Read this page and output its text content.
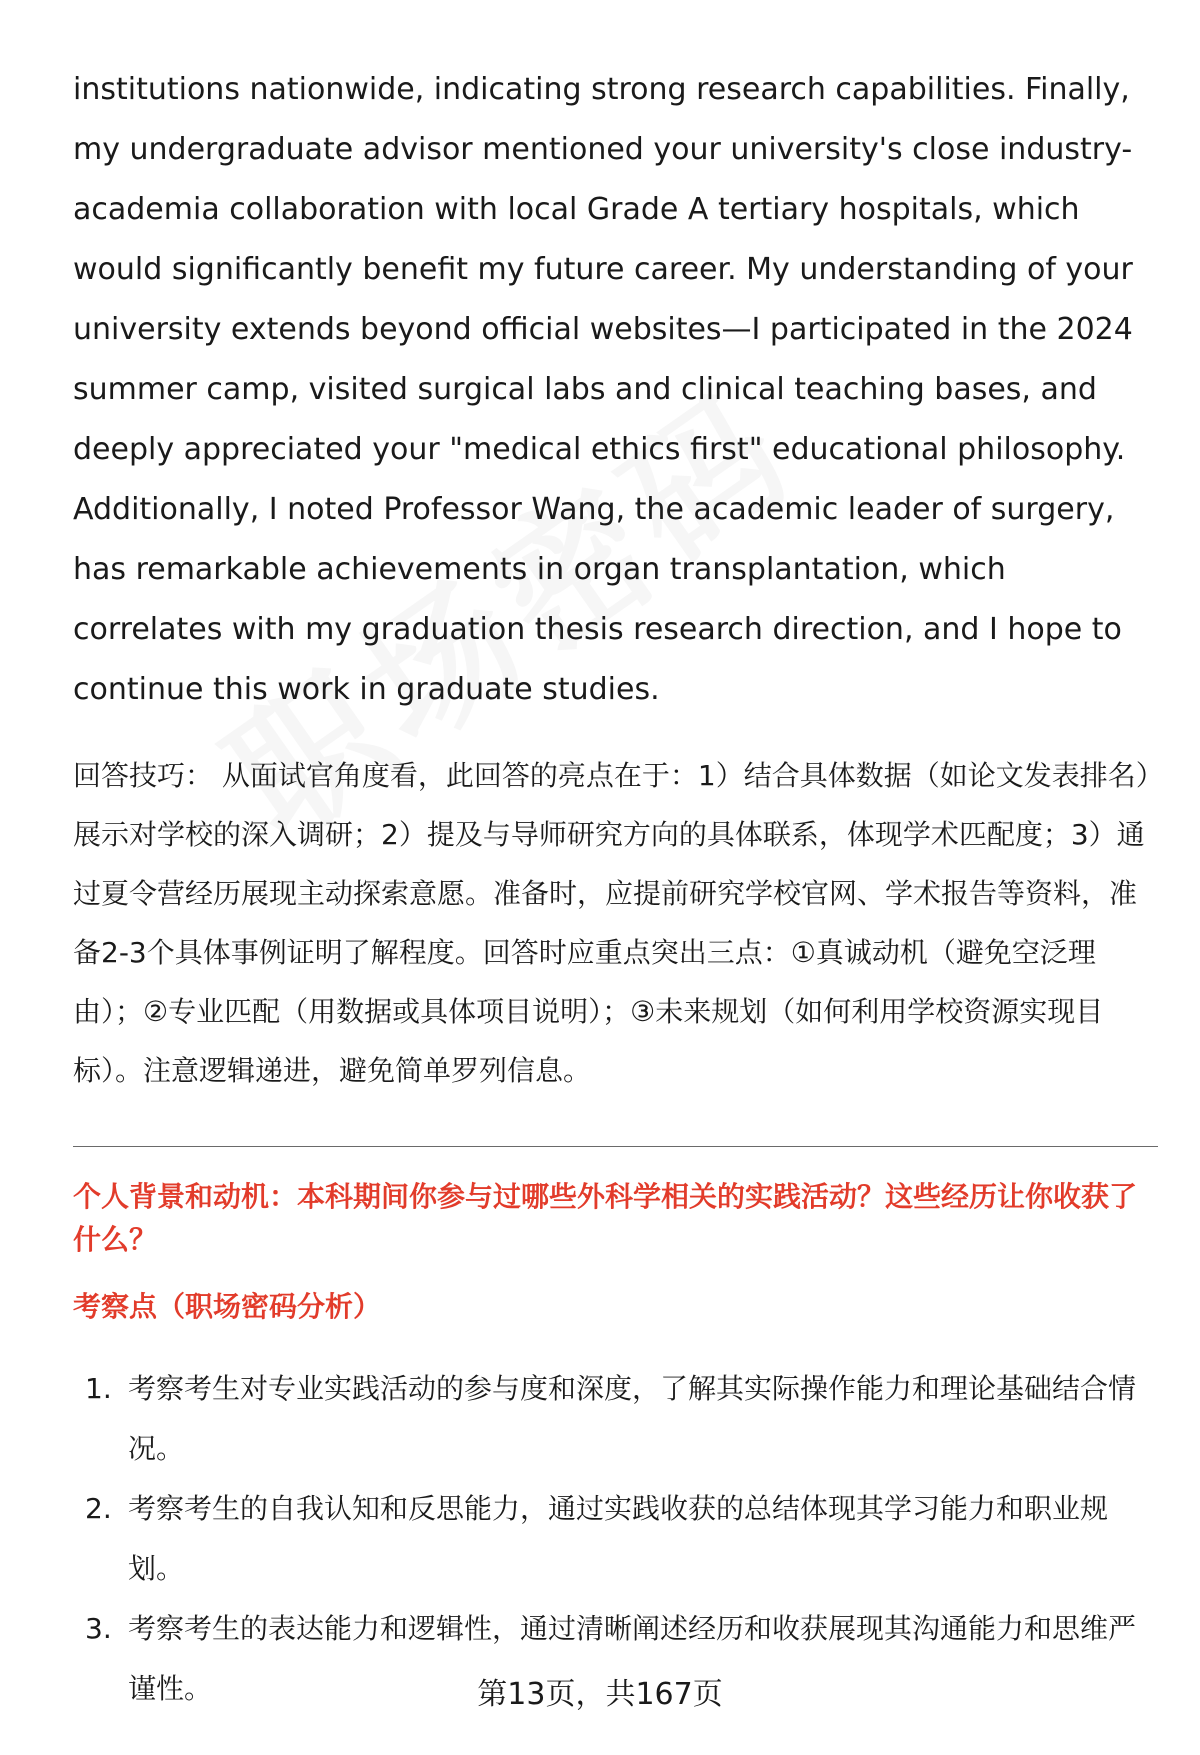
institutions nationwide, indicating strong research capabilities. Finally, my undergraduate advisor mentioned your university's close industry-academia collaboration with local Grade A tertiary hospitals, which would significantly benefit my future career. My understanding of your university extends beyond official websites—I participated in the 2024 summer camp, visited surgical labs and clinical teaching bases, and deeply appreciated your "medical ethics first" educational philosophy. Additionally, I noted Professor Wang, the academic leader of surgery, has remarkable achievements in organ transplantation, which correlates with my graduation thesis research direction, and I hope to continue this work in graduate studies.

回答技巧： 从面试官角度看，此回答的亮点在于：1）结合具体数据（如论文发表排名）展示对学校的深入调研；2）提及与导师研究方向的具体联系，体现学术匹配度；3）通过夏令营经历展现主动探索意愿。准备时，应提前研究学校官网、学术报告等资料，准备2-3个具体事例证明了解程度。回答时应重点突出三点：①真诚动机（避免空泛理由）；②专业匹配（用数据或具体项目说明）；③未来规划（如何利用学校资源实现目标）。注意逻辑递进，避免简单罗列信息。

个人背景和动机：本科期间你参与过哪些外科学相关的实践活动？这些经历让你收获了什么？
考察点（职场密码分析）
1. 考察考生对专业实践活动的参与度和深度，了解其实际操作能力和理论基础结合情况。
2. 考察考生的自我认知和反思能力，通过实践收获的总结体现其学习能力和职业规划。
3. 考察考生的表达能力和逻辑性，通过清晰阐述经历和收获展现其沟通能力和思维严谨性。	第13页，共167页
